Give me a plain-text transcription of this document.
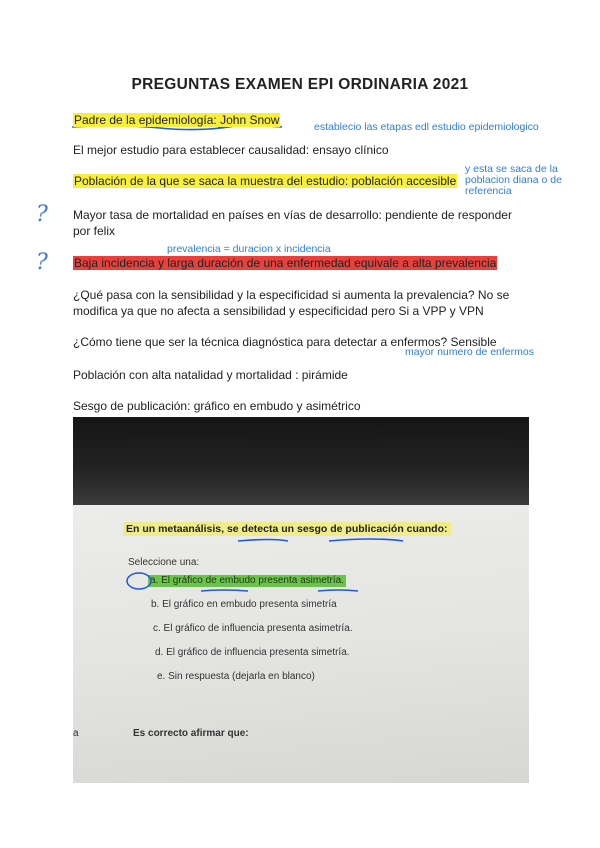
PREGUNTAS EXAMEN EPI ORDINARIA 2021
Padre de la epidemiología: John Snow	establecio las etapas edl estudio epidemiologico
El mejor estudio para establecer causalidad: ensayo clínico
Población de la que se saca la muestra del estudio: población accesible
y esta se saca de la
poblacion diana o de
referencia
? Mayor tasa de mortalidad en países en vías de desarrollo: pendiente de responder
por felix
prevalencia = duracion x incidencia
? Baja incidencia y larga duración de una enfermedad equivale a alta prevalencia
¿Qué pasa con la sensibilidad y la especificidad si aumenta la prevalencia? No se
modifica ya que no afecta a sensibilidad y especificidad pero Si a VPP y VPN
¿Cómo tiene que ser la técnica diagnóstica para detectar a enfermos? Sensible
mayor numero de enfermos
Población con alta natalidad y mortalidad : pirámide
Sesgo de publicación: gráfico en embudo y asimétrico
En un metaanálisis, se detecta un sesgo de publicación cuando:
Seleccione una:
a. El gráfico de embudo presenta asimetría.
b. El gráfico en embudo presenta simetría
c. El gráfico de influencia presenta asimetría.
d. El gráfico de influencia presenta simetría.
e. Sin respuesta (dejarla en blanco)
Es correcto afirmar que:
a
